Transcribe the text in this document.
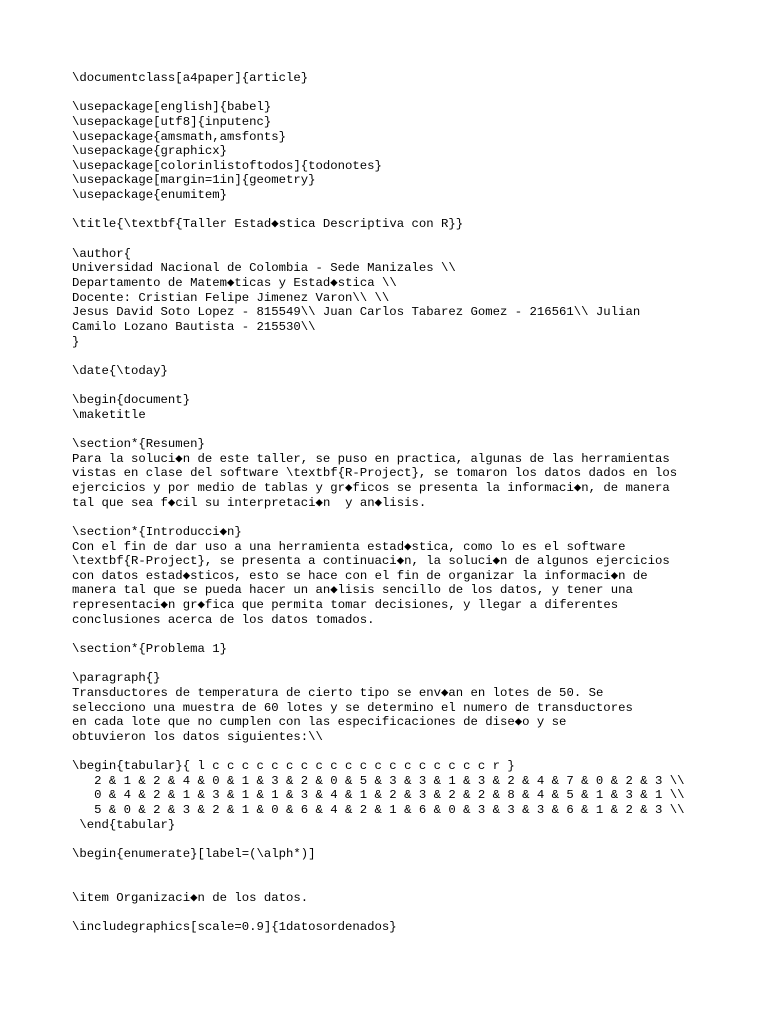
\documentclass[a4paper]{article}
\usepackage[english]{babel}
\usepackage[utf8]{inputenc}
\usepackage{amsmath,amsfonts}
\usepackage{graphicx}
\usepackage[colorinlistoftodos]{todonotes}
\usepackage[margin=1in]{geometry}
\usepackage{enumitem}
\title{\textbf{Taller Estad◆stica Descriptiva con R}}
\author{
Universidad Nacional de Colombia - Sede Manizales \\
Departamento de Matem◆ticas y Estad◆stica \\
Docente: Cristian Felipe Jimenez Varon\\ \\
Jesus David Soto Lopez - 815549\\ Juan Carlos Tabarez Gomez - 216561\\ Julian
Camilo Lozano Bautista - 215530\\
}
\date{\today}
\begin{document}
\maketitle
\section*{Resumen}
Para la soluci◆n de este taller, se puso en practica, algunas de las herramientas
vistas en clase del software \textbf{R-Project}, se tomaron los datos dados en los
ejercicios y por medio de tablas y gr◆ficos se presenta la informaci◆n, de manera
tal que sea f◆cil su interpretaci◆n  y an◆lisis.
\section*{Introducci◆n}
Con el fin de dar uso a una herramienta estad◆stica, como lo es el software
\textbf{R-Project}, se presenta a continuaci◆n, la soluci◆n de algunos ejercicios
con datos estad◆sticos, esto se hace con el fin de organizar la informaci◆n de
manera tal que se pueda hacer un an◆lisis sencillo de los datos, y tener una
representaci◆n gr◆fica que permita tomar decisiones, y llegar a diferentes
conclusiones acerca de los datos tomados.
\section*{Problema 1}
\paragraph{}
Transductores de temperatura de cierto tipo se env◆an en lotes de 50. Se
selecciono una muestra de 60 lotes y se determino el numero de transductores
en cada lote que no cumplen con las especificaciones de dise◆o y se
obtuvieron los datos siguientes:\\
\begin{tabular}{ l c c c c c c c c c c c c c c c c c c c r }
2 & 1 & 2 & 4 & 0 & 1 & 3 & 2 & 0 & 5 & 3 & 3 & 1 & 3 & 2 & 4 & 7 & 0 & 2 & 3 \\
0 & 4 & 2 & 1 & 3 & 1 & 1 & 3 & 4 & 1 & 2 & 3 & 2 & 2 & 8 & 4 & 5 & 1 & 3 & 1 \\
5 & 0 & 2 & 3 & 2 & 1 & 0 & 6 & 4 & 2 & 1 & 6 & 0 & 3 & 3 & 3 & 6 & 1 & 2 & 3 \\
\end{tabular}
\begin{enumerate}[label=(\alph*)]
\item Organizaci◆n de los datos.
\includegraphics[scale=0.9]{1datosordenados}
